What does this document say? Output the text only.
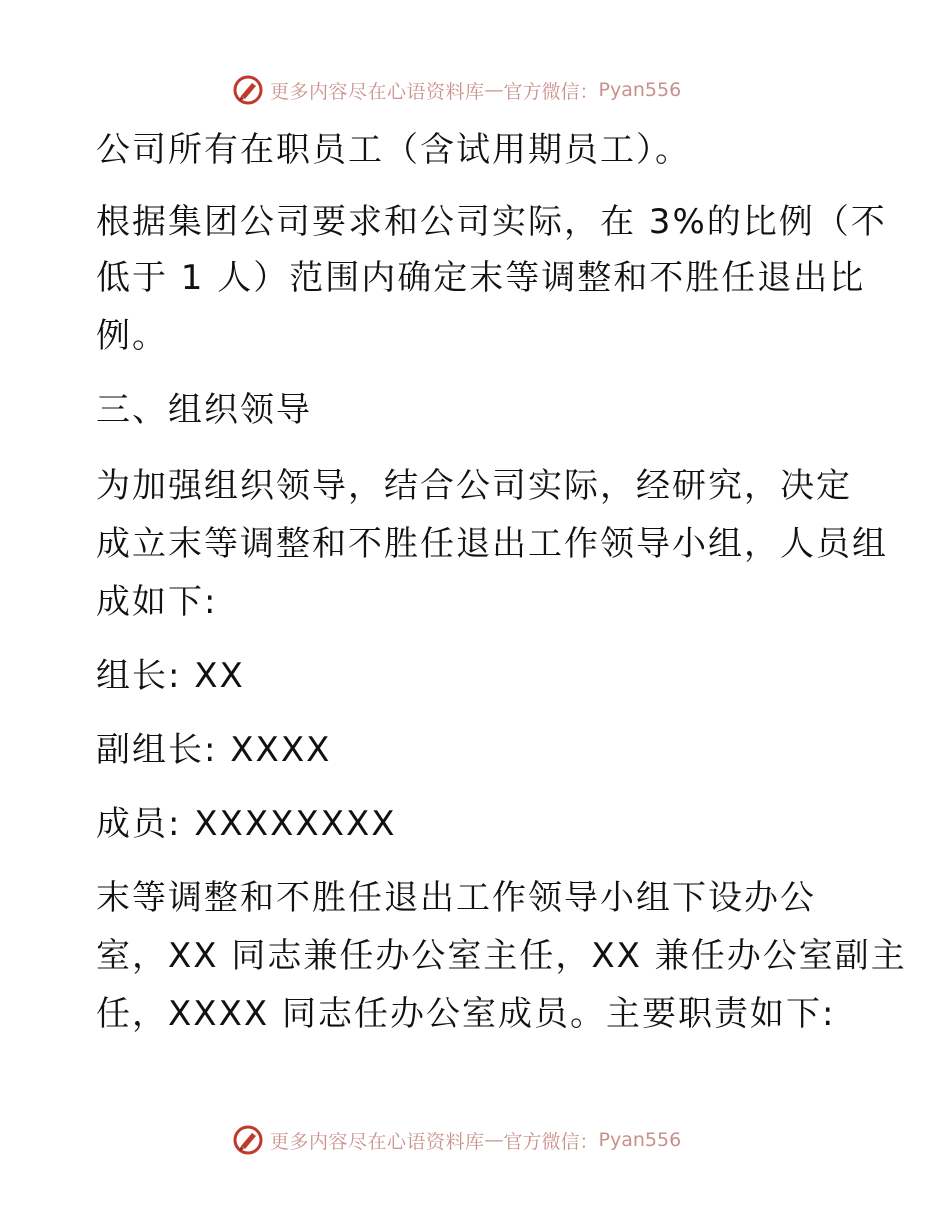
更多内容尽在心语资料库 — 官方微信： Pyan556
公司所有在职员工（含试用期员工）。
根据集团公司要求和公司实际，在 3%的比例（不
低于 1 人）范围内确定末等调整和不胜任退出比
例。
三、组织领导
为加强组织领导，结合公司实际，经研究，决定
成立末等调整和不胜任退出工作领导小组，人员组
成如下:
组长: XX
副组长: XXXX
成员: XXXXXXXX
末等调整和不胜任退出工作领导小组下设办公
室，XX 同志兼任办公室主任，XX 兼任办公室副主
任，XXXX 同志任办公室成员。主要职责如下:
更多内容尽在心语资料库 — 官方微信： Pyan556
